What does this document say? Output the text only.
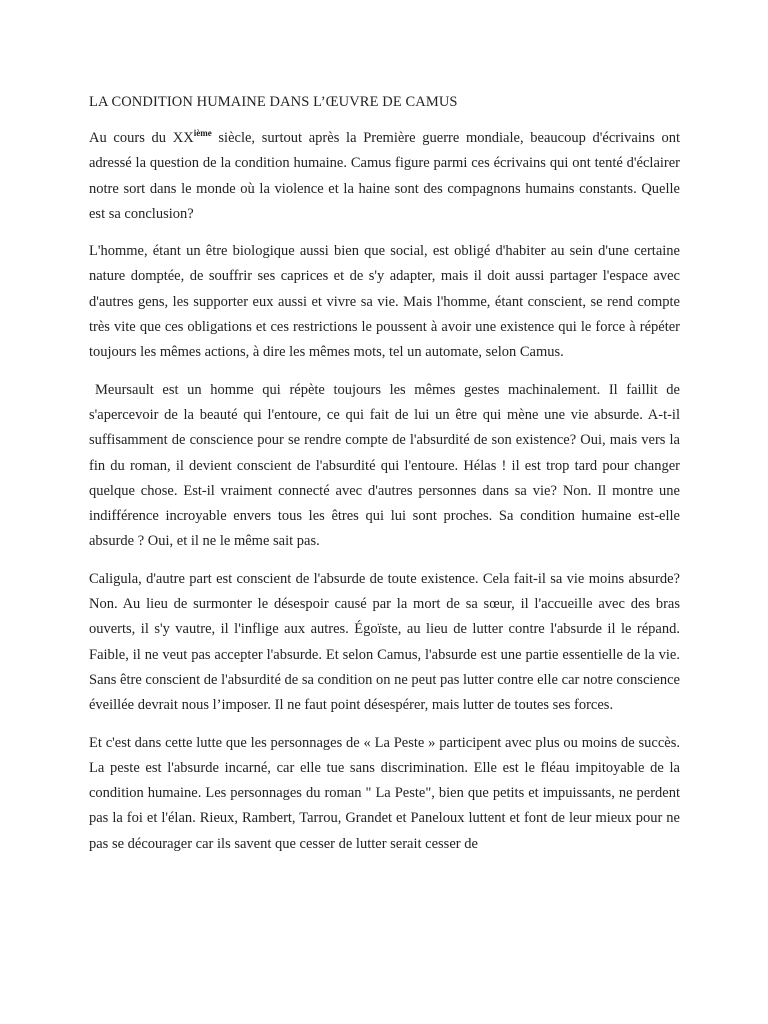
LA CONDITION HUMAINE DANS L’ŒUVRE DE CAMUS

Au cours du XXième siècle, surtout après la Première guerre mondiale, beaucoup d'écrivains ont adressé la question de la condition humaine. Camus figure parmi ces écrivains qui ont tenté d'éclairer notre sort dans le monde où la violence et la haine sont des compagnons humains constants. Quelle est sa conclusion?

L'homme, étant un être biologique aussi bien que social, est obligé d'habiter au sein d'une certaine nature domptée, de souffrir ses caprices et de s'y adapter, mais il doit aussi partager l'espace avec d'autres gens, les supporter eux aussi et vivre sa vie. Mais l'homme, étant conscient, se rend compte très vite que ces obligations et ces restrictions le poussent à avoir une existence qui le force à répéter toujours les mêmes actions, à dire les mêmes mots, tel un automate, selon Camus.

Meursault est un homme qui répète toujours les mêmes gestes machinalement. Il faillit de s'apercevoir de la beauté qui l'entoure, ce qui fait de lui un être qui mène une vie absurde. A-t-il suffisamment de conscience pour se rendre compte de l'absurdité de son existence? Oui, mais vers la fin du roman, il devient conscient de l'absurdité qui l'entoure. Hélas ! il est trop tard pour changer quelque chose. Est-il vraiment connecté avec d'autres personnes dans sa vie? Non. Il montre une indifférence incroyable envers tous les êtres qui lui sont proches. Sa condition humaine est-elle absurde ? Oui, et il ne le même sait pas.

Caligula, d'autre part est conscient de l'absurde de toute existence. Cela fait-il sa vie moins absurde? Non. Au lieu de surmonter le désespoir causé par la mort de sa sœur, il l'accueille avec des bras ouverts, il s'y vautre, il l'inflige aux autres. Égoïste, au lieu de lutter contre l'absurde il le répand. Faible, il ne veut pas accepter l'absurde. Et selon Camus, l'absurde est une partie essentielle de la vie. Sans être conscient de l'absurdité de sa condition on ne peut pas lutter contre elle car notre conscience éveillée devrait nous l’imposer. Il ne faut point désespérer, mais lutter de toutes ses forces.

Et c'est dans cette lutte que les personnages de « La Peste » participent avec plus ou moins de succès. La peste est l'absurde incarné, car elle tue sans discrimination. Elle est le fléau impitoyable de la condition humaine. Les personnages du roman " La Peste", bien que petits et impuissants, ne perdent pas la foi et l'élan. Rieux, Rambert, Tarrou, Grandet et Paneloux luttent et font de leur mieux pour ne pas se décourager car ils savent que cesser de lutter serait cesser de
